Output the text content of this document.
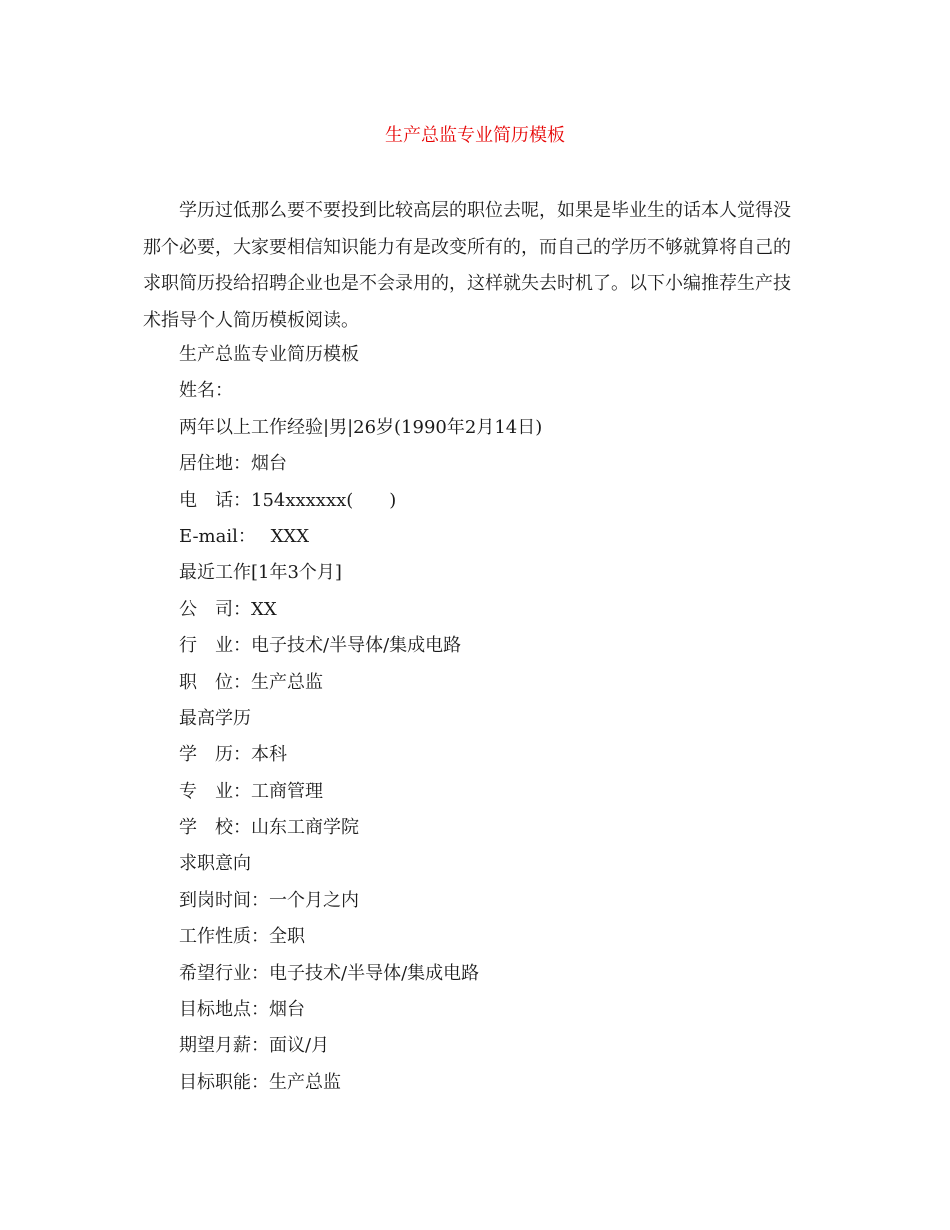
生产总监专业简历模板

学历过低那么要不要投到比较高层的职位去呢，如果是毕业生的话本人觉得没那个必要，大家要相信知识能力有是改变所有的，而自己的学历不够就算将自己的求职简历投给招聘企业也是不会录用的，这样就失去时机了。以下小编推荐生产技术指导个人简历模板阅读。

生产总监专业简历模板
姓名：
两年以上工作经验|男|26岁(1990年2月14日)
居住地：烟台
电　话：154xxxxxx(　　)
E-mail：　 XXX
最近工作[1年3个月]
公　司：XX
行　业：电子技术/半导体/集成电路
职　位：生产总监
最高学历
学　历：本科
专　业：工商管理
学　校：山东工商学院
求职意向
到岗时间：一个月之内
工作性质：全职
希望行业：电子技术/半导体/集成电路
目标地点：烟台
期望月薪：面议/月
目标职能：生产总监
